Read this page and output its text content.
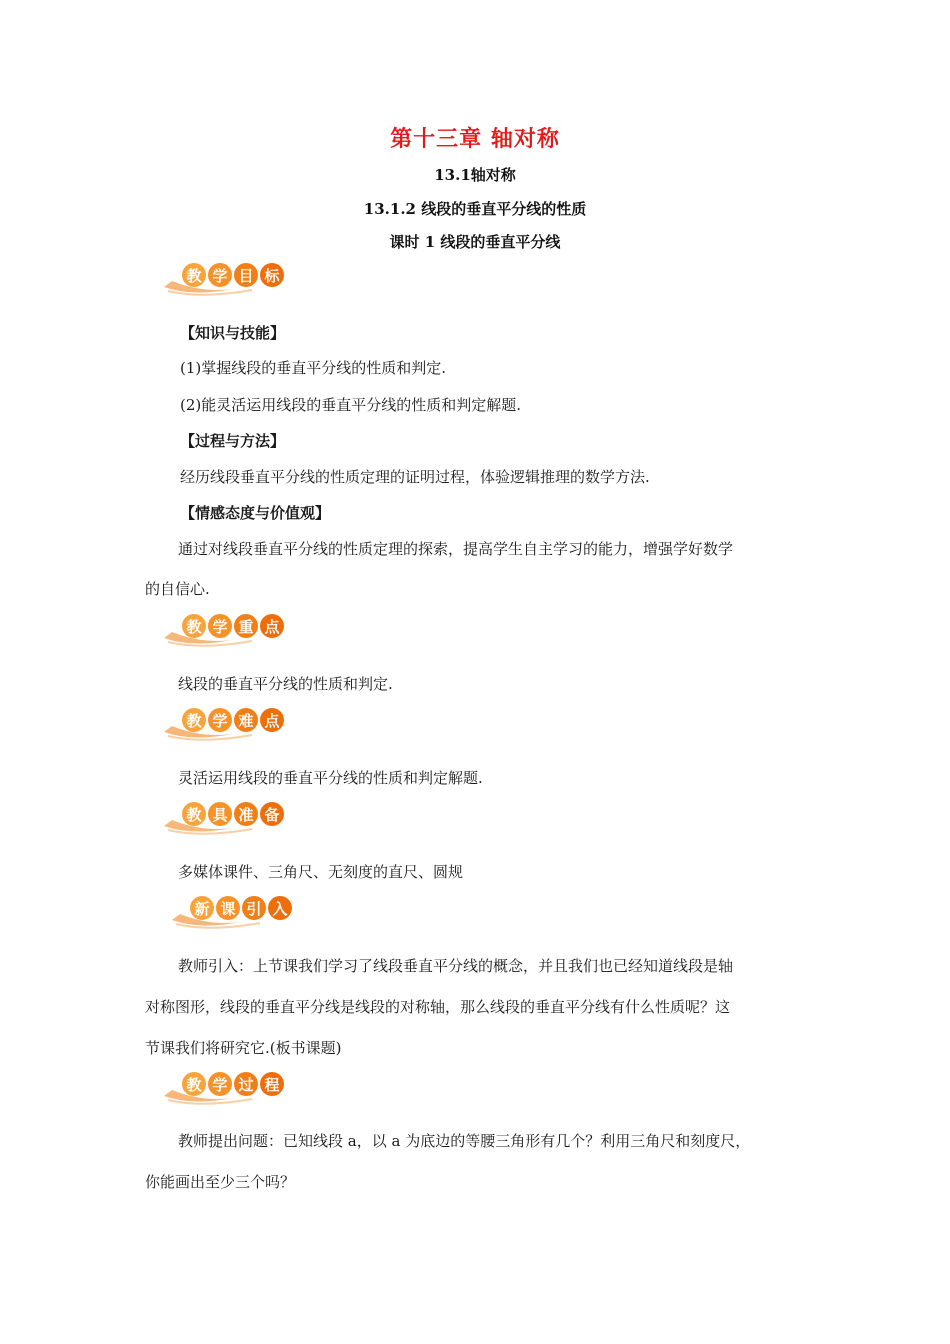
第十三章 轴对称
13.1轴对称
13.1.2 线段的垂直平分线的性质
课时 1 线段的垂直平分线
教 学 目 标
【知识与技能】
(1)掌握线段的垂直平分线的性质和判定.
(2)能灵活运用线段的垂直平分线的性质和判定解题.
【过程与方法】
经历线段垂直平分线的性质定理的证明过程，体验逻辑推理的数学方法.
【情感态度与价值观】
通过对线段垂直平分线的性质定理的探索，提高学生自主学习的能力，增强学好数学
的自信心.
教 学 重 点
线段的垂直平分线的性质和判定.
教 学 难 点
灵活运用线段的垂直平分线的性质和判定解题.
教 具 准 备
多媒体课件、三角尺、无刻度的直尺、圆规
新 课 引 入
教师引入：上节课我们学习了线段垂直平分线的概念，并且我们也已经知道线段是轴
对称图形，线段的垂直平分线是线段的对称轴，那么线段的垂直平分线有什么性质呢？这
节课我们将研究它.(板书课题)
教 学 过 程
教师提出问题：已知线段 a，以 a 为底边的等腰三角形有几个？利用三角尺和刻度尺，
你能画出至少三个吗？
